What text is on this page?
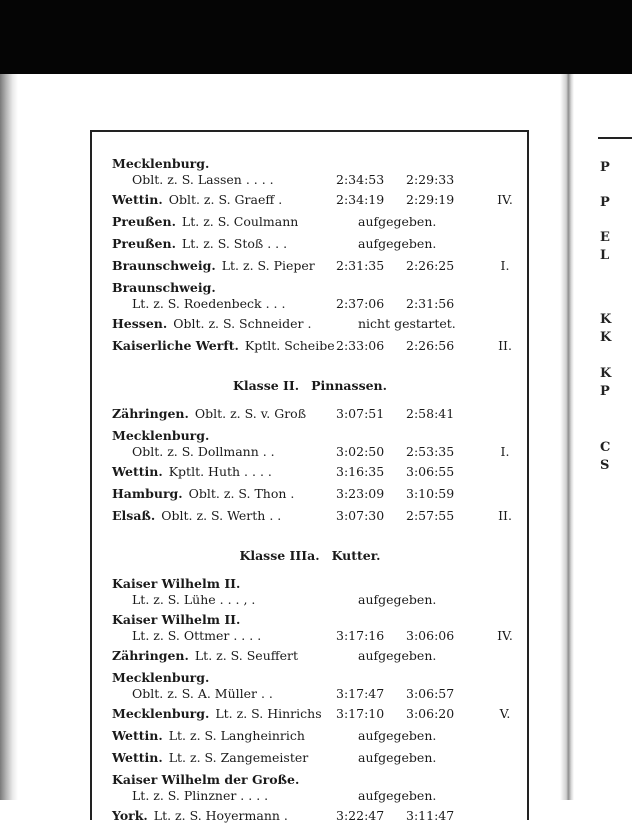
P
P
E
L
K
K
K
P
C
S
Mecklenburg.
Oblt. z. S. Lassen . . . .	2:34:53 2:29:33
Wettin. Oblt. z. S. Graeff .	2:34:19 2:29:19	IV.
Preußen. Lt. z. S. Coulmann	aufgegeben.
Preußen. Lt. z. S. Stoß . . .	aufgegeben.
Braunschweig. Lt. z. S. Pieper 2:31:35 2:26:25	I.
Braunschweig.
Lt. z. S. Roedenbeck . . .	2:37:06 2:31:56
Hessen. Oblt. z. S. Schneider .	nicht gestartet.
Kaiserliche Werft. Kptlt. Scheibe 2:33:06 2:26:56	II.
Klasse II. Pinnassen.
Zähringen. Oblt. z. S. v. Groß 3:07:51 2:58:41
Mecklenburg.
Oblt. z. S. Dollmann . .	3:02:50 2:53:35	I.
Wettin. Kptlt. Huth . . . .	3:16:35 3:06:55
Hamburg. Oblt. z. S. Thon .	3:23:09 3:10:59
Elsaß. Oblt. z. S. Werth . .	3:07:30 2:57:55	II.
Klasse IIIa. Kutter.
Kaiser Wilhelm II.
Lt. z. S. Lühe . . . , .	aufgegeben.
Kaiser Wilhelm II.
Lt. z. S. Ottmer . . . .	3:17:16 3:06:06	IV.
Zähringen. Lt. z. S. Seuffert	aufgegeben.
Mecklenburg.
Oblt. z. S. A. Müller . .	3:17:47 3:06:57
Mecklenburg. Lt. z. S. Hinrichs 3:17:10 3:06:20	V.
Wettin. Lt. z. S. Langheinrich	aufgegeben.
Wettin. Lt. z. S. Zangemeister	aufgegeben.
Kaiser Wilhelm der Große.
Lt. z. S. Plinzner . . . .	aufgegeben.
York. Lt. z. S. Hoyermann .	3:22:47 3:11:47
